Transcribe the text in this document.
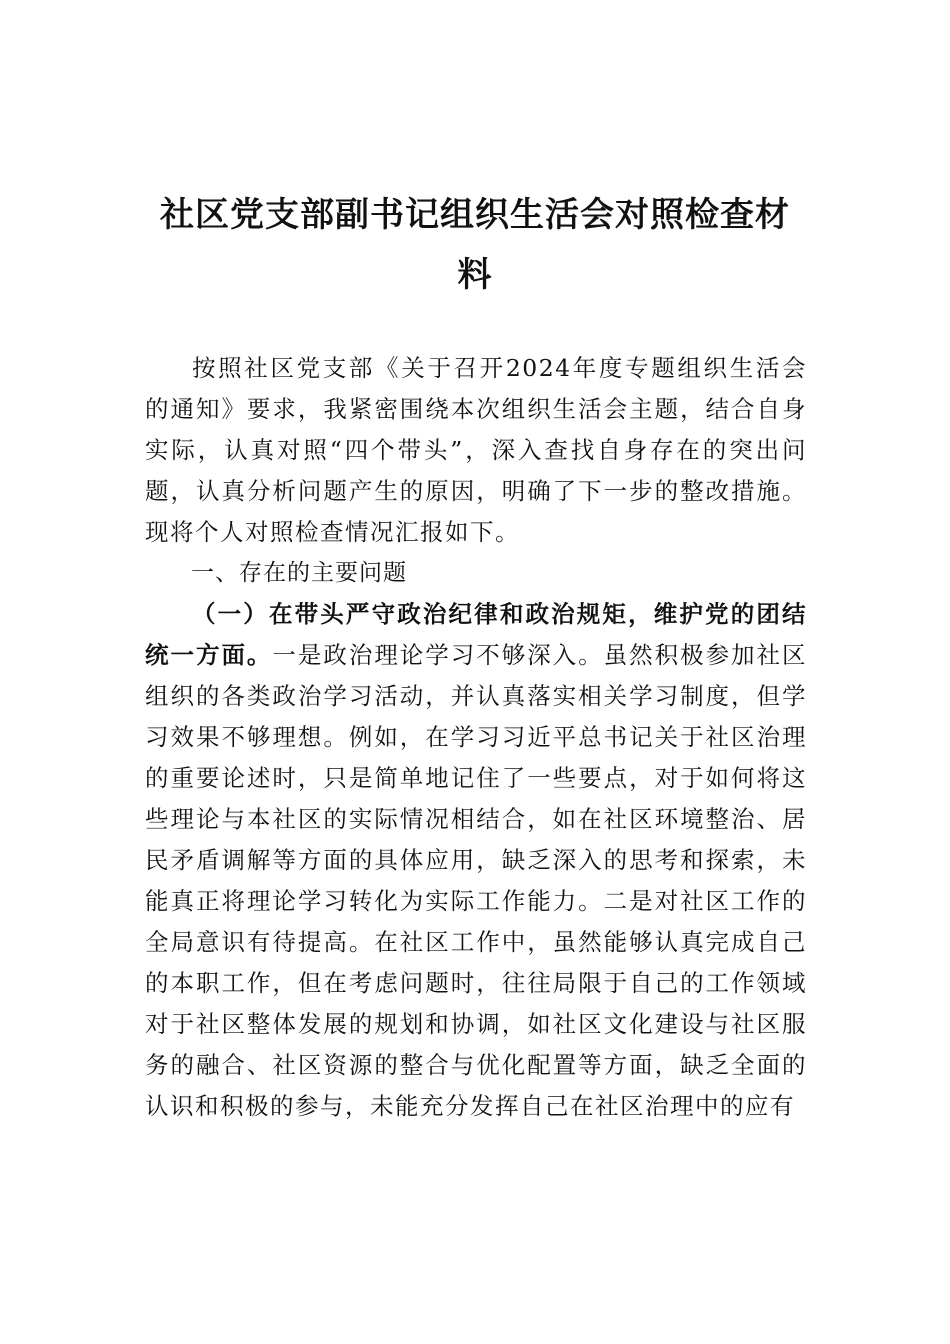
社区党支部副书记组织生活会对照检查材料

按照社区党支部《关于召开2024年度专题组织生活会的通知》要求，我紧密围绕本次组织生活会主题，结合自身实际，认真对照“四个带头”，深入查找自身存在的突出问题，认真分析问题产生的原因，明确了下一步的整改措施。现将个人对照检查情况汇报如下。

一、存在的主要问题

（一）在带头严守政治纪律和政治规矩，维护党的团结统一方面。一是政治理论学习不够深入。虽然积极参加社区组织的各类政治学习活动，并认真落实相关学习制度，但学习效果不够理想。例如，在学习习近平总书记关于社区治理的重要论述时，只是简单地记住了一些要点，对于如何将这些理论与本社区的实际情况相结合，如在社区环境整治、居民矛盾调解等方面的具体应用，缺乏深入的思考和探索，未能真正将理论学习转化为实际工作能力。二是对社区工作的全局意识有待提高。在社区工作中，虽然能够认真完成自己的本职工作，但在考虑问题时，往往局限于自己的工作领域对于社区整体发展的规划和协调，如社区文化建设与社区服务的融合、社区资源的整合与优化配置等方面，缺乏全面的认识和积极的参与，未能充分发挥自己在社区治理中的应有
